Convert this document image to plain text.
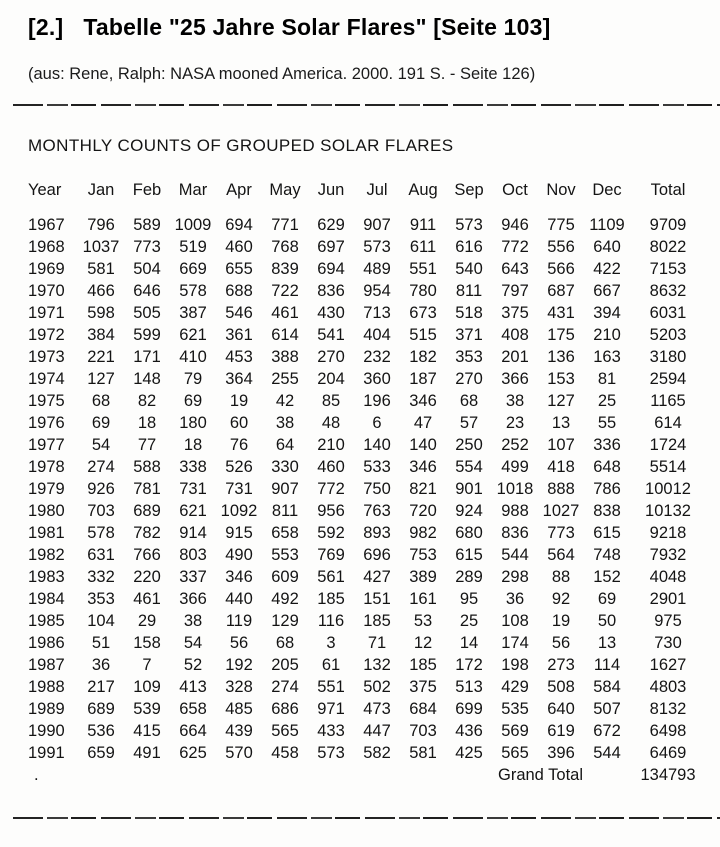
[2.] Tabelle "25 Jahre Solar Flares" [Seite 103]

(aus: Rene, Ralph: NASA mooned America. 2000. 191 S. - Seite 126)

MONTHLY COUNTS OF GROUPED SOLAR FLARES

Year	Jan	Feb	Mar	Apr	May	Jun	Jul	Aug	Sep	Oct	Nov	Dec	Total
1967	796	589	1009	694	771	629	907	911	573	946	775	1109	9709
1968	1037	773	519	460	768	697	573	611	616	772	556	640	8022
1969	581	504	669	655	839	694	489	551	540	643	566	422	7153
1970	466	646	578	688	722	836	954	780	811	797	687	667	8632
1971	598	505	387	546	461	430	713	673	518	375	431	394	6031
1972	384	599	621	361	614	541	404	515	371	408	175	210	5203
1973	221	171	410	453	388	270	232	182	353	201	136	163	3180
1974	127	148	79	364	255	204	360	187	270	366	153	81	2594
1975	68	82	69	19	42	85	196	346	68	38	127	25	1165
1976	69	18	180	60	38	48	6	47	57	23	13	55	614
1977	54	77	18	76	64	210	140	140	250	252	107	336	1724
1978	274	588	338	526	330	460	533	346	554	499	418	648	5514
1979	926	781	731	731	907	772	750	821	901	1018	888	786	10012
1980	703	689	621	1092	811	956	763	720	924	988	1027	838	10132
1981	578	782	914	915	658	592	893	982	680	836	773	615	9218
1982	631	766	803	490	553	769	696	753	615	544	564	748	7932
1983	332	220	337	346	609	561	427	389	289	298	88	152	4048
1984	353	461	366	440	492	185	151	161	95	36	92	69	2901
1985	104	29	38	119	129	116	185	53	25	108	19	50	975
1986	51	158	54	56	68	3	71	12	14	174	56	13	730
1987	36	7	52	192	205	61	132	185	172	198	273	114	1627
1988	217	109	413	328	274	551	502	375	513	429	508	584	4803
1989	689	539	658	485	686	971	473	684	699	535	640	507	8132
1990	536	415	664	439	565	433	447	703	436	569	619	672	6498
1991	659	491	625	570	458	573	582	581	425	565	396	544	6469
.										Grand Total			134793
